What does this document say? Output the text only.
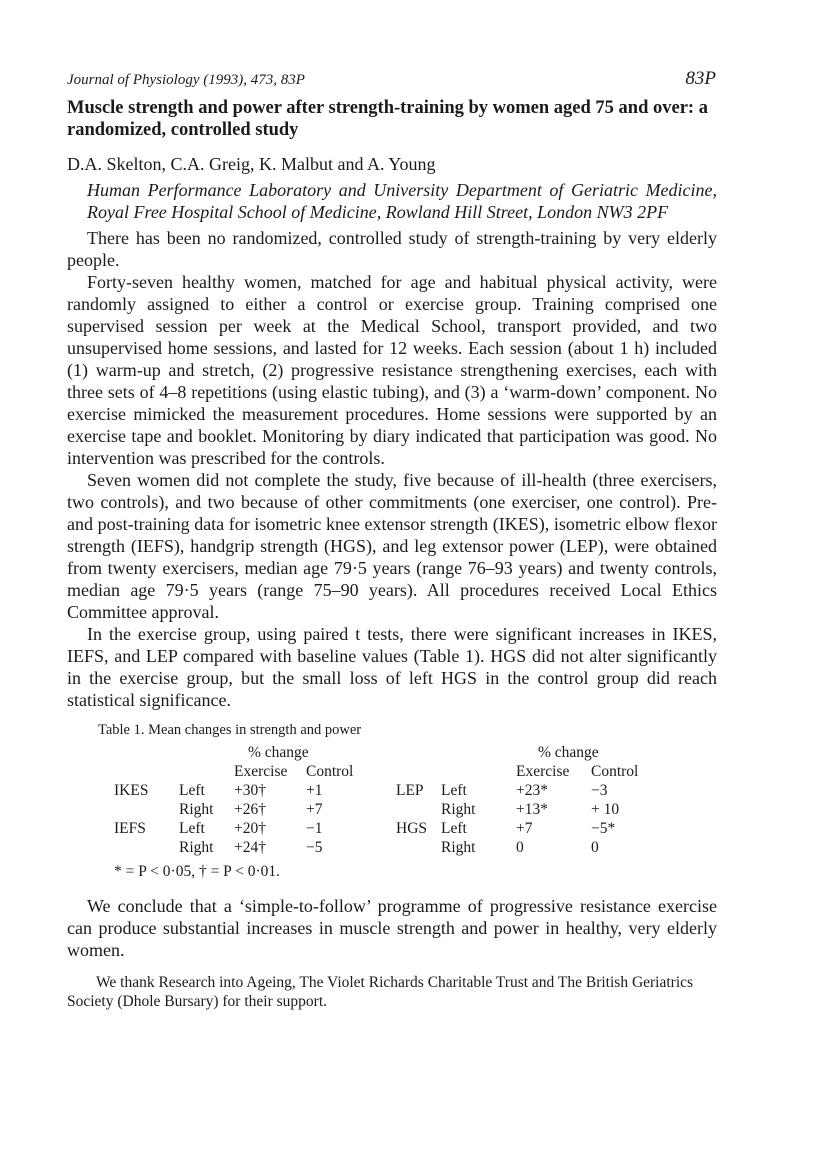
Journal of Physiology (1993), 473, 83P	83P
Muscle strength and power after strength-training by women aged 75 and over: a randomized, controlled study
D.A. Skelton, C.A. Greig, K. Malbut and A. Young

Human Performance Laboratory and University Department of Geriatric Medicine, Royal Free Hospital School of Medicine, Rowland Hill Street, London NW3 2PF

There has been no randomized, controlled study of strength-training by very elderly people.

Forty-seven healthy women, matched for age and habitual physical activity, were randomly assigned to either a control or exercise group. Training comprised one supervised session per week at the Medical School, transport provided, and two unsupervised home sessions, and lasted for 12 weeks. Each session (about 1 h) included (1) warm-up and stretch, (2) progressive resistance strengthening exercises, each with three sets of 4–8 repetitions (using elastic tubing), and (3) a ‘warm-down’ component. No exercise mimicked the measurement procedures. Home sessions were supported by an exercise tape and booklet. Monitoring by diary indicated that participation was good. No intervention was prescribed for the controls.

Seven women did not complete the study, five because of ill-health (three exercisers, two controls), and two because of other commitments (one exerciser, one control). Pre- and post-training data for isometric knee extensor strength (IKES), isometric elbow flexor strength (IEFS), handgrip strength (HGS), and leg extensor power (LEP), were obtained from twenty exercisers, median age 79·5 years (range 76–93 years) and twenty controls, median age 79·5 years (range 75–90 years). All procedures received Local Ethics Committee approval.

In the exercise group, using paired t tests, there were significant increases in IKES, IEFS, and LEP compared with baseline values (Table 1). HGS did not alter significantly in the exercise group, but the small loss of left HGS in the control group did reach statistical significance.

Table 1. Mean changes in strength and power
		% change				% change	
		Exercise	Control			Exercise	Control
IKES	Left	+30†	+1	LEP	Left	+23*	−3
	Right	+26†	+7		Right	+13*	+ 10
IEFS	Left	+20†	−1	HGS	Left	+7	−5*
	Right	+24†	−5		Right	0	0
* = P < 0·05, † = P < 0·01.

We conclude that a ‘simple-to-follow’ programme of progressive resistance exercise can produce substantial increases in muscle strength and power in healthy, very elderly women.

We thank Research into Ageing, The Violet Richards Charitable Trust and The British Geriatrics Society (Dhole Bursary) for their support.
